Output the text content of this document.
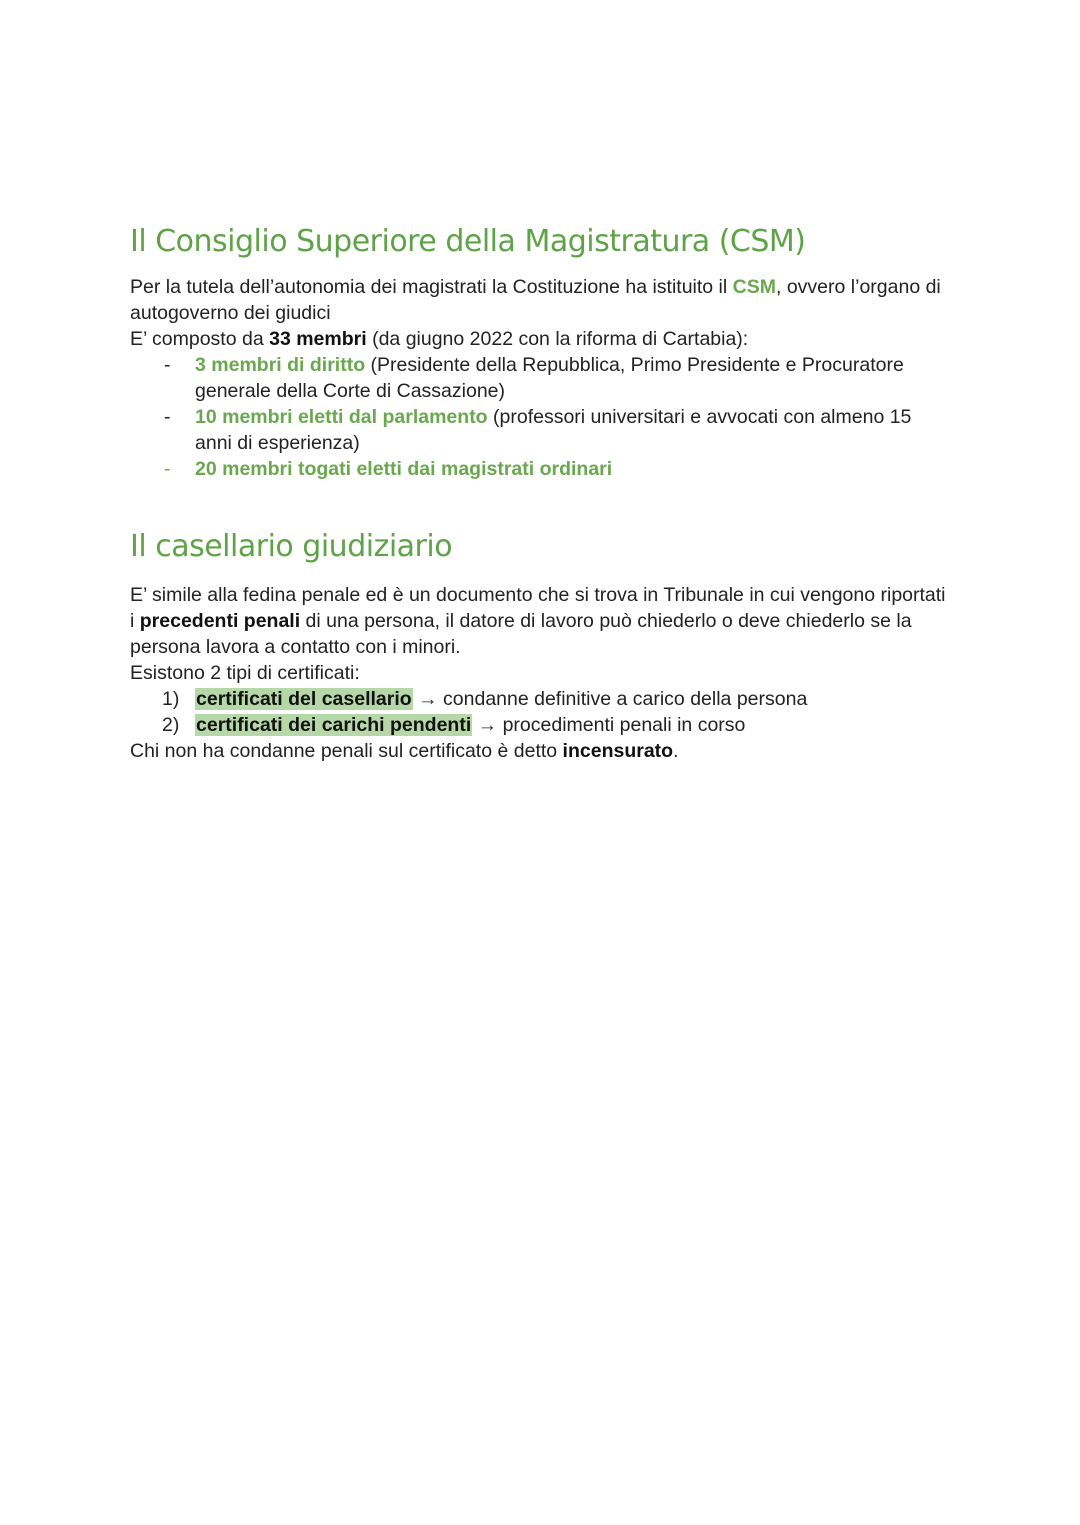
Il Consiglio Superiore della Magistratura (CSM)

Per la tutela dell’autonomia dei magistrati la Costituzione ha istituito il CSM, ovvero l’organo di autogoverno dei giudici

E’ composto da 33 membri (da giugno 2022 con la riforma di Cartabia):

- 3 membri di diritto (Presidente della Repubblica, Primo Presidente e Procuratore generale della Corte di Cassazione)
- 10 membri eletti dal parlamento (professori universitari e avvocati con almeno 15 anni di esperienza)
- 20 membri togati eletti dai magistrati ordinari
Il casellario giudiziario

E’ simile alla fedina penale ed è un documento che si trova in Tribunale in cui vengono riportati i precedenti penali di una persona, il datore di lavoro può chiederlo o deve chiederlo se la persona lavora a contatto con i minori.

Esistono 2 tipi di certificati:

1) certificati del casellario → condanne definitive a carico della persona
2) certificati dei carichi pendenti → procedimenti penali in corso

Chi non ha condanne penali sul certificato è detto incensurato.
